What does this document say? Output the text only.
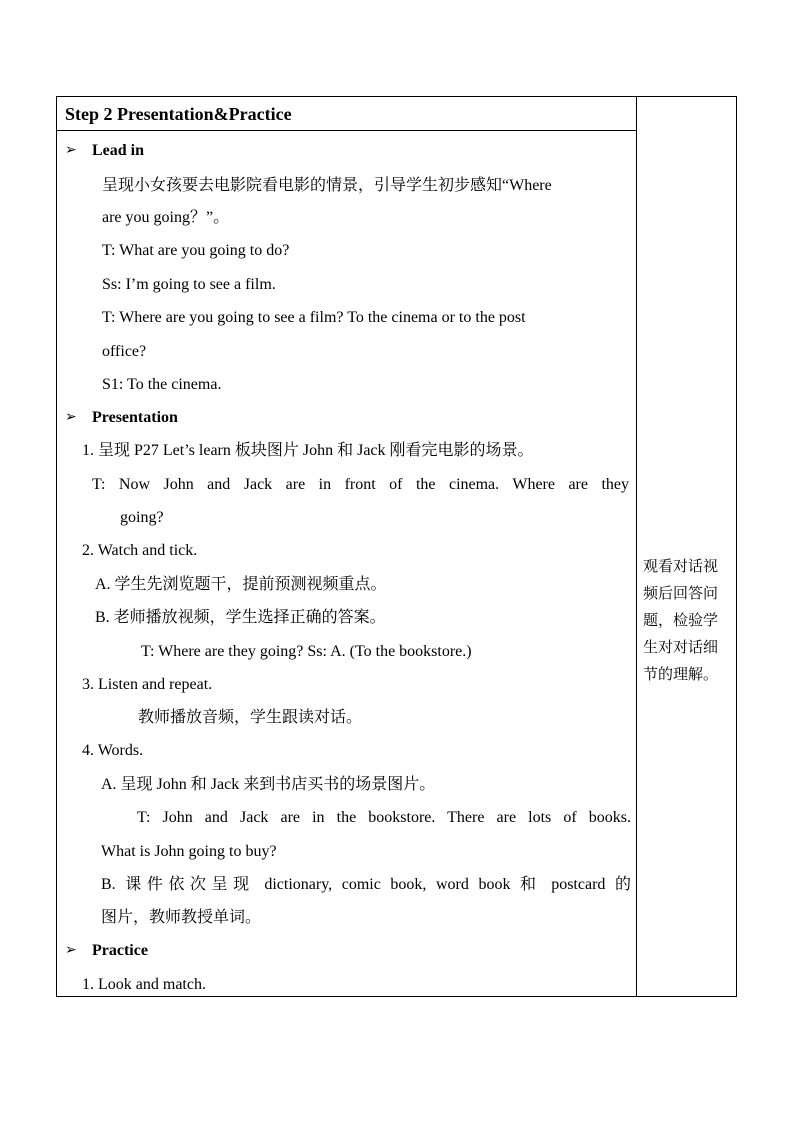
Step 2 Presentation&Practice
➢ Lead in
呈现小女孩要去电影院看电影的情景，引导学生初步感知“Where
are you going？”。
T: What are you going to do?
Ss: I’m going to see a film.
T: Where are you going to see a film? To the cinema or to the post
office?
S1: To the cinema.
➢ Presentation
1. 呈现 P27 Let’s learn 板块图片 John 和 Jack 刚看完电影的场景。
T: Now John and Jack are in front of the cinema. Where are they
going?
2. Watch and tick.
A. 学生先浏览题干，提前预测视频重点。
B. 老师播放视频，学生选择正确的答案。
T: Where are they going? Ss: A. (To the bookstore.)
3. Listen and repeat.
教师播放音频，学生跟读对话。
4. Words.
A. 呈现 John 和 Jack 来到书店买书的场景图片。
T: John and Jack are in the bookstore. There are lots of books.
What is John going to buy?
B. 课件依次呈现 dictionary, comic book, word book 和 postcard 的
图片，教师教授单词。
➢ Practice
1. Look and match.
观看对话视
频后回答问
题，检验学
生对对话细
节的理解。
